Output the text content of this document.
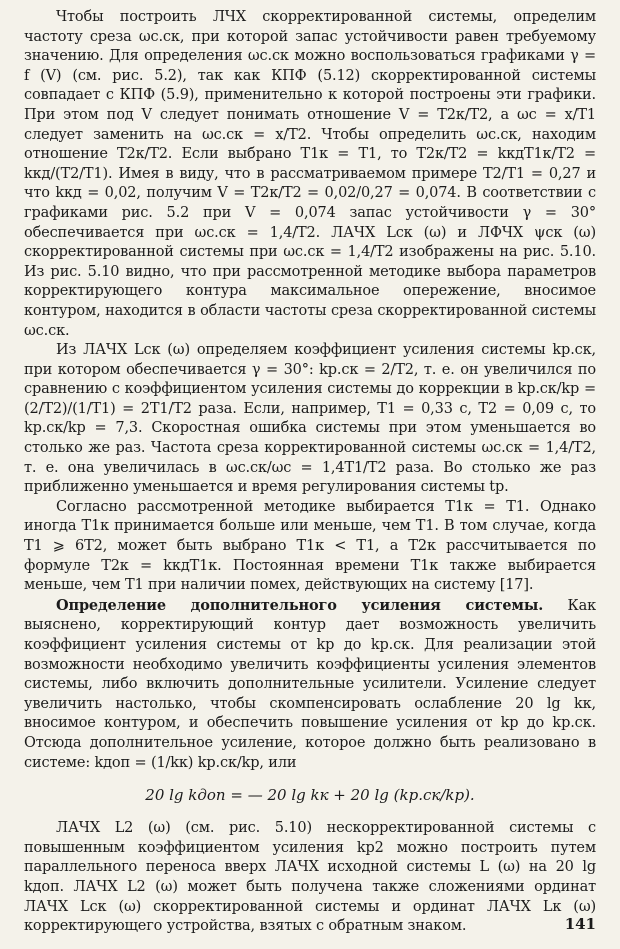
Чтобы построить ЛЧХ скорректированной системы, определим частоту среза ωс.ск, при которой запас устойчивости равен требуемому значению. Для определения ωс.ск можно воспользоваться графиками γ = f (V) (см. рис. 5.2), так как КПФ (5.12) скорректированной системы совпадает с КПФ (5.9), применительно к которой построены эти графики. При этом под V следует понимать отношение V = T2к/T2, а ωс = x/T1 следует заменить на ωс.ск = x/T2. Чтобы определить ωс.ск, находим отношение T2к/T2. Если выбрано T1к = T1, то T2к/T2 = kкдT1к/T2 = kкд/(T2/T1). Имея в виду, что в рассматриваемом примере T2/T1 = 0,27 и что kкд = 0,02, получим V = T2к/T2 = 0,02/0,27 = 0,074. В соответствии с графиками рис. 5.2 при V = 0,074 запас устойчивости γ = 30° обеспечивается при ωс.ск = 1,4/T2. ЛАЧХ Lск (ω) и ЛФЧХ ψск (ω) скорректированной системы при ωс.ск = 1,4/T2 изображены на рис. 5.10. Из рис. 5.10 видно, что при рассмотренной методике выбора параметров корректирующего контура максимальное опережение, вносимое контуром, находится в области частоты среза скорректированной системы ωс.ск.

Из ЛАЧХ Lск (ω) определяем коэффициент усиления системы kр.ск, при котором обеспечивается γ = 30°: kр.ск = 2/T2, т. е. он увеличился по сравнению с коэффициентом усиления системы до коррекции в kр.ск/kр = (2/T2)/(1/T1) = 2T1/T2 раза. Если, например, T1 = 0,33 с, T2 = 0,09 с, то kр.ск/kр = 7,3. Скоростная ошибка системы при этом уменьшается во столько же раз. Частота среза корректированной системы ωс.ск = 1,4/T2, т. е. она увеличилась в ωс.ск/ωс = 1,4T1/T2 раза. Во столько же раз приближенно уменьшается и время регулирования системы tр.

Согласно рассмотренной методике выбирается T1к = T1. Однако иногда T1к принимается больше или меньше, чем T1. В том случае, когда T1 ⩾ 6T2, может быть выбрано T1к < T1, а T2к рассчитывается по формуле T2к = kкдT1к. Постоянная времени T1к также выбирается меньше, чем T1 при наличии помех, действующих на систему [17].

Определение дополнительного усиления системы. Как выяснено, корректирующий контур дает возможность увеличить коэффициент усиления системы от kр до kр.ск. Для реализации этой возможности необходимо увеличить коэффициенты усиления элементов системы, либо включить дополнительные усилители. Усиление следует увеличить настолько, чтобы скомпенсировать ослабление 20 lg kк, вносимое контуром, и обеспечить повышение усиления от kр до kр.ск. Отсюда дополнительное усиление, которое должно быть реализовано в системе: kдоп = (1/kк) kр.ск/kр, или

20 lg kдоп = — 20 lg kк + 20 lg (kр.ск/kр).

ЛАЧХ L2 (ω) (см. рис. 5.10) нескорректированной системы с повышенным коэффициентом усиления kр2 можно построить путем параллельного переноса вверх ЛАЧХ исходной системы L (ω) на 20 lg kдоп. ЛАЧХ L2 (ω) может быть получена также сложениями ординат ЛАЧХ Lск (ω) скорректированной системы и ординат ЛАЧХ Lк (ω) корректирующего устройства, взятых с обратным знаком.	141
